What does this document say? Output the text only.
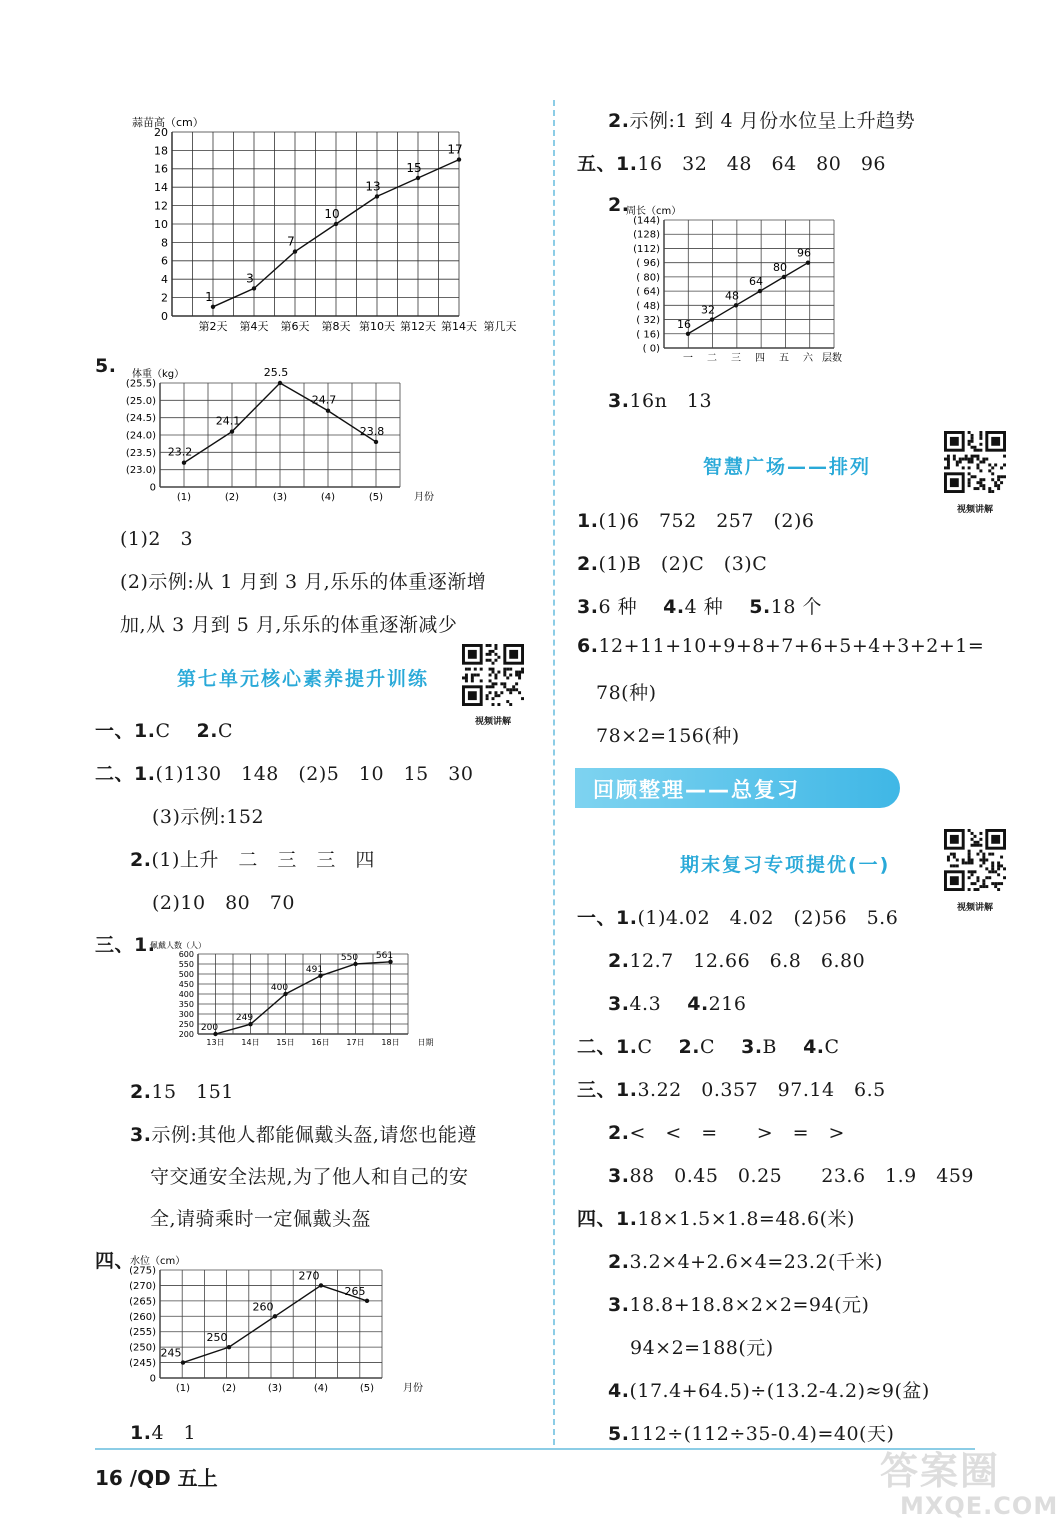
蒜苗高（cm）
0
2
4
6
8
10
12
14
16
18
20
第2天 第4天 第6天 第8天 第10天 第12天 第14天 第几天
1
3
7
10
13
15
17
5. 体重（kg）
0
(23.0)
(23.5)
(24.0)
(24.5)
(25.0)
(25.5)
(1)	(2)	(3)	(4)	(5)	月份
23.2
24.1
25.5
24.7
23.8
(1)2　3
(2)示例:从 1 月到 3 月,乐乐的体重逐渐增
加,从 3 月到 5 月,乐乐的体重逐渐减少
第七单元核心素养提升训练
视频讲解
一、1.C　 2.C
二、1.(1)130　148　(2)5　10　15　30
(3)示例:152
2.(1)上升　二　三　三　四
(2)10　80　70
三、1.
佩戴人数（人）
200
250
300
350
400
450
500
550
600
13日 14日 15日 16日 17日 18日 日期
200
249
400
491
550 561
2.15　151
3.示例:其他人都能佩戴头盔,请您也能遵
守交通安全法规,为了他人和自己的安
全,请骑乘时一定佩戴头盔
四、
水位（cm）
0
(245)
(250)
(255)
(260)
(265)
(270)
(275)
(1)	(2)	(3)	(4)	(5)	月份
245
250
260
270
265
1.4　1
2.示例:1 到 4 月份水位呈上升趋势
五、1.16　32　48　64　80　96
2.
周长（cm）
( 0)
( 16)
( 32)
( 48)
( 64)
( 80)
( 96)
(112)
(128)
(144)
一 二 三 四 五 六 层数
16
32
48
64
80
96
3.16n　13
智慧广场——排列
视频讲解
1.(1)6　752　257　(2)6
2.(1)B　(2)C　(3)C
3.6 种　 4.4 种　 5.18 个
6.12+11+10+9+8+7+6+5+4+3+2+1=
78(种)
78×2=156(种)
回顾整理——总复习
期末复习专项提优(一)
视频讲解
一、1.(1)4.02　4.02　(2)56　5.6
2.12.7　12.66　6.8　6.80
3.4.3　 4.216
二、1.C　 2.C　 3.B　 4.C
三、1.3.22　0.357　97.14　6.5
2.<　<　=　　>　=　>
3.88　0.45　0.25　　23.6　1.9　459
四、1.18×1.5×1.8=48.6(米)
2.3.2×4+2.6×4=23.2(千米)
3.18.8+18.8×2×2=94(元)
94×2=188(元)
4.(17.4+64.5)÷(13.2-4.2)≈9(盆)
5.112÷(112÷35-0.4)=40(天)
16 /QD 五上	答案圈
MXQE.COM
